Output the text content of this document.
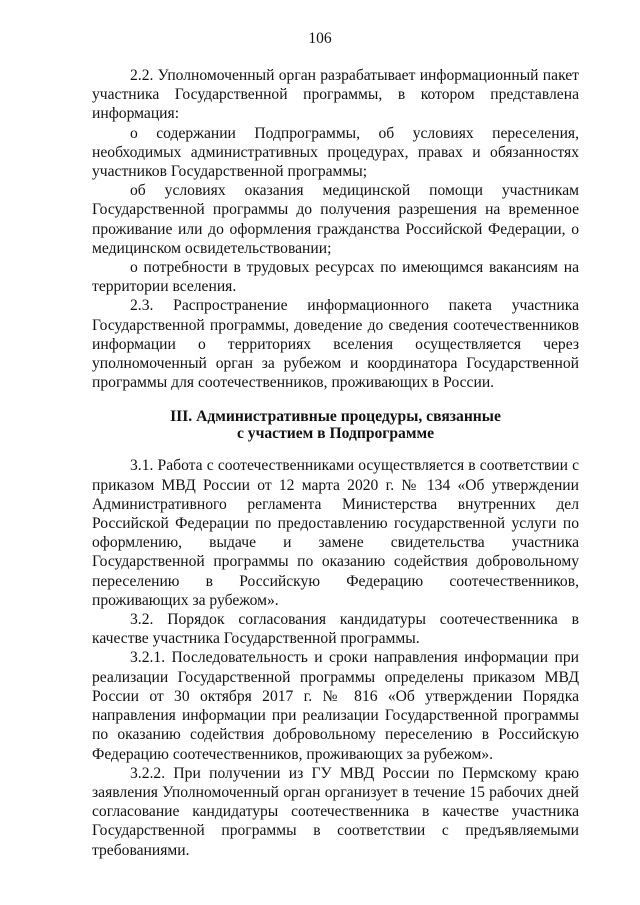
106

2.2. Уполномоченный орган разрабатывает информационный пакет участника Государственной программы, в котором представлена информация:

о содержании Подпрограммы, об условиях переселения, необходимых административных процедурах, правах и обязанностях участников Государственной программы;

об условиях оказания медицинской помощи участникам Государственной программы до получения разрешения на временное проживание или до оформления гражданства Российской Федерации, о медицинском освидетельствовании;

о потребности в трудовых ресурсах по имеющимся вакансиям на территории вселения.

2.3. Распространение информационного пакета участника Государственной программы, доведение до сведения соотечественников информации о территориях вселения осуществляется через уполномоченный орган за рубежом и координатора Государственной программы для соотечественников, проживающих в России.

III. Административные процедуры, связанные
с участием в Подпрограмме

3.1. Работа с соотечественниками осуществляется в соответствии с приказом МВД России от 12 марта 2020 г. № 134 «Об утверждении Административного регламента Министерства внутренних дел Российской Федерации по предоставлению государственной услуги по оформлению, выдаче и замене свидетельства участника Государственной программы по оказанию содействия добровольному переселению в Российскую Федерацию соотечественников, проживающих за рубежом».

3.2. Порядок согласования кандидатуры соотечественника в качестве участника Государственной программы.

3.2.1. Последовательность и сроки направления информации при реализации Государственной программы определены приказом МВД России от 30 октября 2017 г. № 816 «Об утверждении Порядка направления информации при реализации Государственной программы по оказанию содействия добровольному переселению в Российскую Федерацию соотечественников, проживающих за рубежом».

3.2.2. При получении из ГУ МВД России по Пермскому краю заявления Уполномоченный орган организует в течение 15 рабочих дней согласование кандидатуры соотечественника в качестве участника Государственной программы в соответствии с предъявляемыми требованиями.
